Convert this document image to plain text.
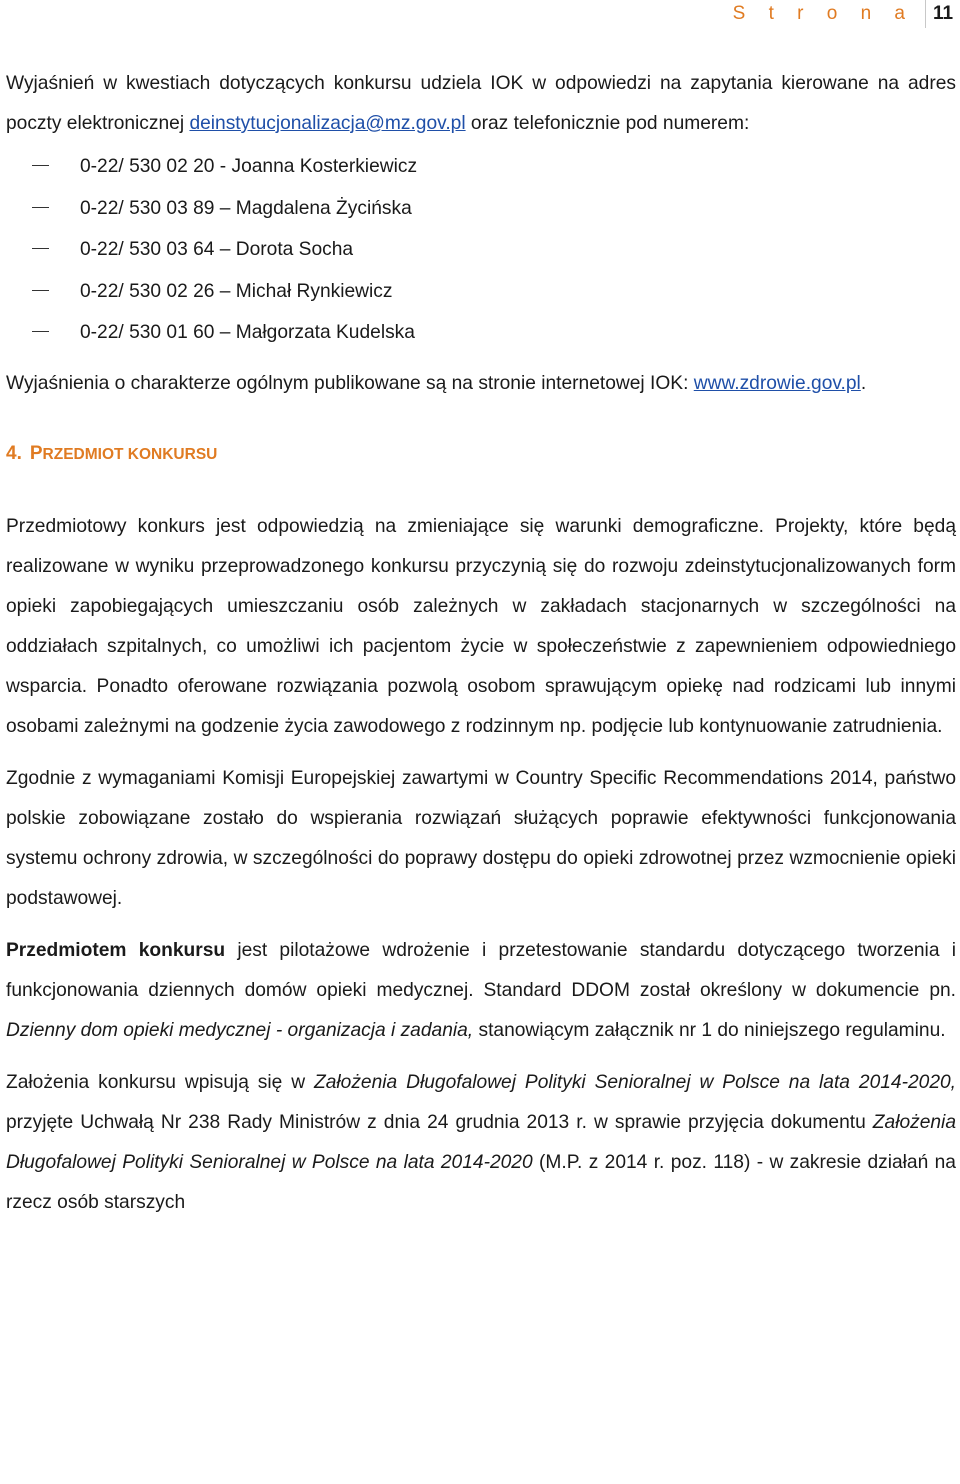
S t r o n a 11

Wyjaśnień w kwestiach dotyczących konkursu udziela IOK w odpowiedzi na zapytania kierowane na adres poczty elektronicznej deinstytucjonalizacja@mz.gov.pl oraz telefonicznie pod numerem:

0-22/ 530 02 20 - Joanna Kosterkiewicz
0-22/ 530 03 89 – Magdalena Życińska
0-22/ 530 03 64 – Dorota Socha
0-22/ 530 02 26 – Michał Rynkiewicz
0-22/ 530 01 60 – Małgorzata Kudelska

Wyjaśnienia o charakterze ogólnym publikowane są na stronie internetowej IOK: www.zdrowie.gov.pl.

4. PRZEDMIOT KONKURSU

Przedmiotowy konkurs jest odpowiedzią na zmieniające się warunki demograficzne. Projekty, które będą realizowane w wyniku przeprowadzonego konkursu przyczynią się do rozwoju zdeinstytucjonalizowanych form opieki zapobiegających umieszczaniu osób zależnych w zakładach stacjonarnych w szczególności na oddziałach szpitalnych, co umożliwi ich pacjentom życie w społeczeństwie z zapewnieniem odpowiedniego wsparcia. Ponadto oferowane rozwiązania pozwolą osobom sprawującym opiekę nad rodzicami lub innymi osobami zależnymi na godzenie życia zawodowego z rodzinnym np. podjęcie lub kontynuowanie zatrudnienia.

Zgodnie z wymaganiami Komisji Europejskiej zawartymi w Country Specific Recommendations 2014, państwo polskie zobowiązane zostało do wspierania rozwiązań służących poprawie efektywności funkcjonowania systemu ochrony zdrowia, w szczególności do poprawy dostępu do opieki zdrowotnej przez wzmocnienie opieki podstawowej.

Przedmiotem konkursu jest pilotażowe wdrożenie i przetestowanie standardu dotyczącego tworzenia i funkcjonowania dziennych domów opieki medycznej. Standard DDOM został określony w dokumencie pn. Dzienny dom opieki medycznej - organizacja i zadania, stanowiącym załącznik nr 1 do niniejszego regulaminu.

Założenia konkursu wpisują się w Założenia Długofalowej Polityki Senioralnej w Polsce na lata 2014-2020, przyjęte Uchwałą Nr 238 Rady Ministrów z dnia 24 grudnia 2013 r. w sprawie przyjęcia dokumentu Założenia Długofalowej Polityki Senioralnej w Polsce na lata 2014-2020 (M.P. z 2014 r. poz. 118) - w zakresie działań na rzecz osób starszych
